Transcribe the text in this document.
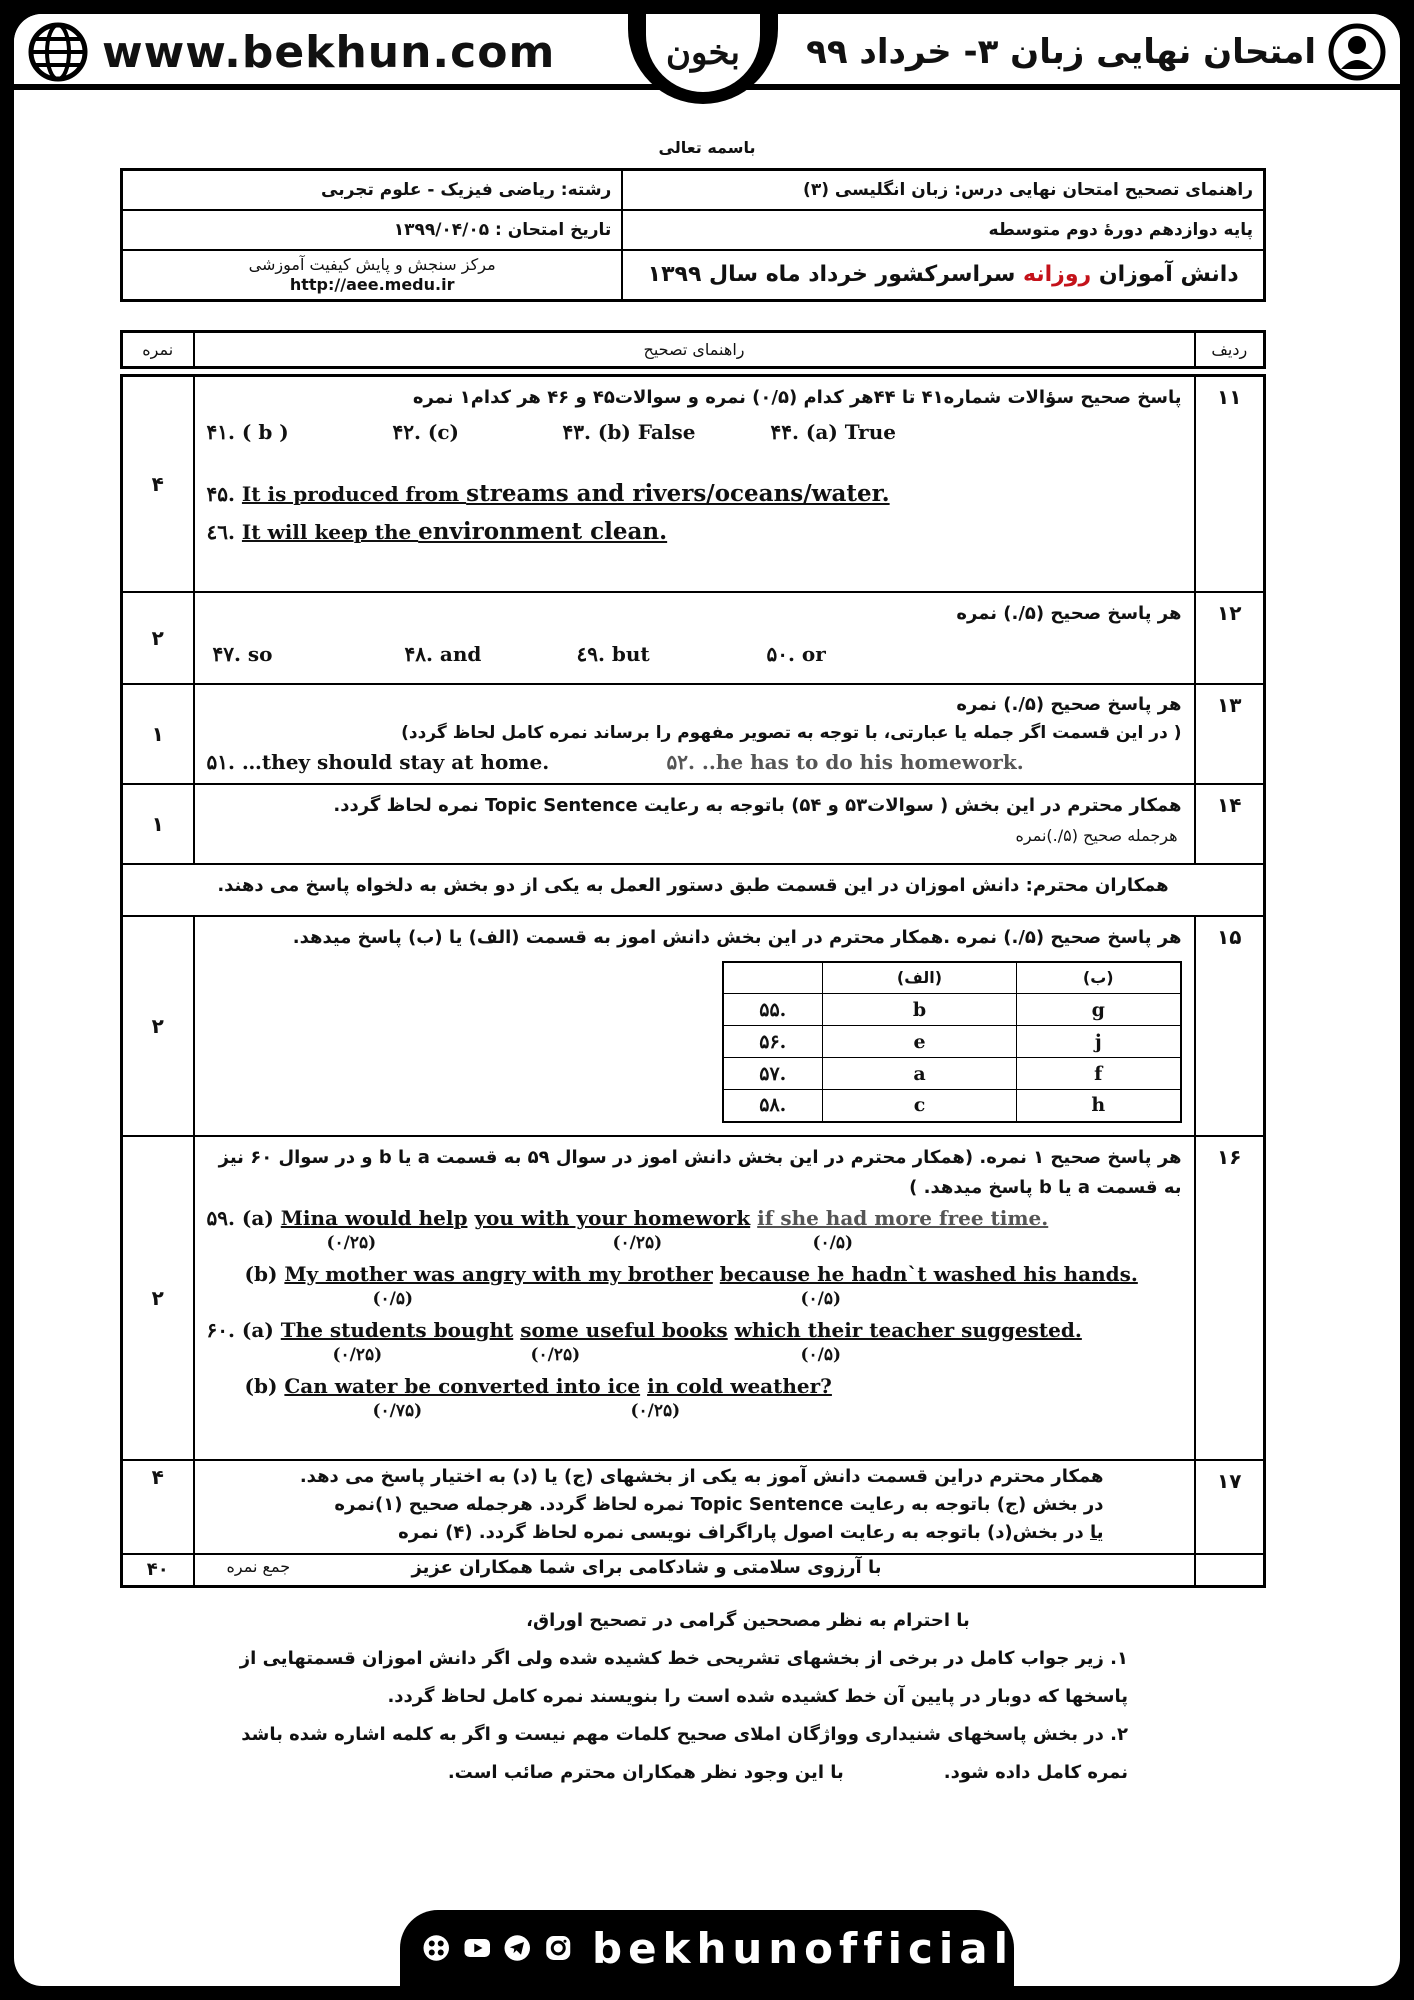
www.bekhun.com	امتحان نهایی زبان ۳- خرداد ۹۹
بخون
باسمه تعالی
راهنمای تصحیح امتحان نهایی درس: زبان انگلیسی (۳)	رشته: ریاضی فیزیک - علوم تجربی
پایه دوازدهم دورهٔ دوم متوسطه	تاریخ امتحان : ۱۳۹۹/۰۴/۰۵
دانش آموزان روزانه سراسرکشور خرداد ماه سال ۱۳۹۹	مرکز سنجش و پایش کیفیت آموزشی
http://aee.medu.ir
ردیف	راهنمای تصحیح	نمره
۱۱	
پاسخ صحیح سؤالات شماره۴۱ تا ۴۴هر کدام (۰/۵) نمره و سوالات۴۵ و ۴۶ هر کدام۱ نمره
۴۱. ( b )	۴۲. (c)	۴۳. (b) False	۴۴. (a) True
۴۵. It is produced from streams and rivers/oceans/water.
٤٦. It will keep the environment clean.
	۴
۱۲	
هر پاسخ صحیح (۵/.) نمره
۴۷. so	۴۸. and	٤٩. but	۵۰. or
	۲
۱۳	
هر پاسخ صحیح (۵/.) نمره
( در این قسمت اگر جمله یا عبارتی، با توجه به تصویر مفهوم را برساند نمره کامل لحاظ گردد)
۵۱. …they should stay at home.	۵۲. ..he has to do his homework.
	۱
۱۴	
همکار محترم در این بخش ( سوالات۵۳ و ۵۴) باتوجه به رعایت Topic Sentence نمره لحاظ گردد.
هرجمله صحیح (۵/.)نمره
	۱
همکاران محترم: دانش اموزان در این قسمت طبق دستور العمل به یکی از دو بخش به دلخواه پاسخ می دهند.
۱۵	
هر پاسخ صحیح (۵/.) نمره .همکار محترم در این بخش دانش اموز به قسمت (الف) یا (ب) پاسخ میدهد.
	(الف)	(ب)
۵۵.	b	g
۵۶.	e	j
۵۷.	a	f
۵۸.	c	h
	۲
۱۶	
هر پاسخ صحیح ۱ نمره. (همکار محترم در این بخش دانش اموز در سوال ۵۹ به قسمت a یا b و در سوال ۶۰ نیز به قسمت a یا b پاسخ میدهد. )
۵۹. (a) Mina would help you with your homework if she had more free time.
(۰/۲۵)	(۰/۲۵)	(۰/۵)
(b) My mother was angry with my brother because he hadn`t washed his hands.
(۰/۵)	(۰/۵)
۶۰. (a) The students bought some useful books which their teacher suggested.
(۰/۲۵)	(۰/۲۵)	(۰/۵)
(b) Can water be converted into ice in cold weather?
(۰/۷۵)	(۰/۲۵)
	۲
۱۷	
همکار محترم دراین قسمت دانش آموز به یکی از بخشهای (ج) یا (د) به اختیار پاسخ می دهد.
در بخش (ج) باتوجه به رعایت Topic Sentence نمره لحاظ گردد. هرجمله صحیح (۱)نمره
یا در بخش(د) باتوجه به رعایت اصول پاراگراف نویسی نمره لحاظ گردد. (۴) نمره
	۴

با آرزوی سلامتی و شادکامی برای شما همکاران عزیز
جمع نمره
	۴۰
با احترام به نظر مصححین گرامی در تصحیح اوراق،
۱. زیر جواب کامل در برخی از بخشهای تشریحی خط کشیده شده ولی اگر دانش اموزان قسمتهایی از
پاسخها که دوبار در پایین آن خط کشیده شده است را بنویسند نمره کامل لحاظ گردد.
۲. در بخش پاسخهای شنیداری وواژگان املای صحیح کلمات مهم نیست و اگر به کلمه اشاره شده باشد
نمره کامل داده شود.با این وجود نظر همکاران محترم صائب است.
bekhunofficial
